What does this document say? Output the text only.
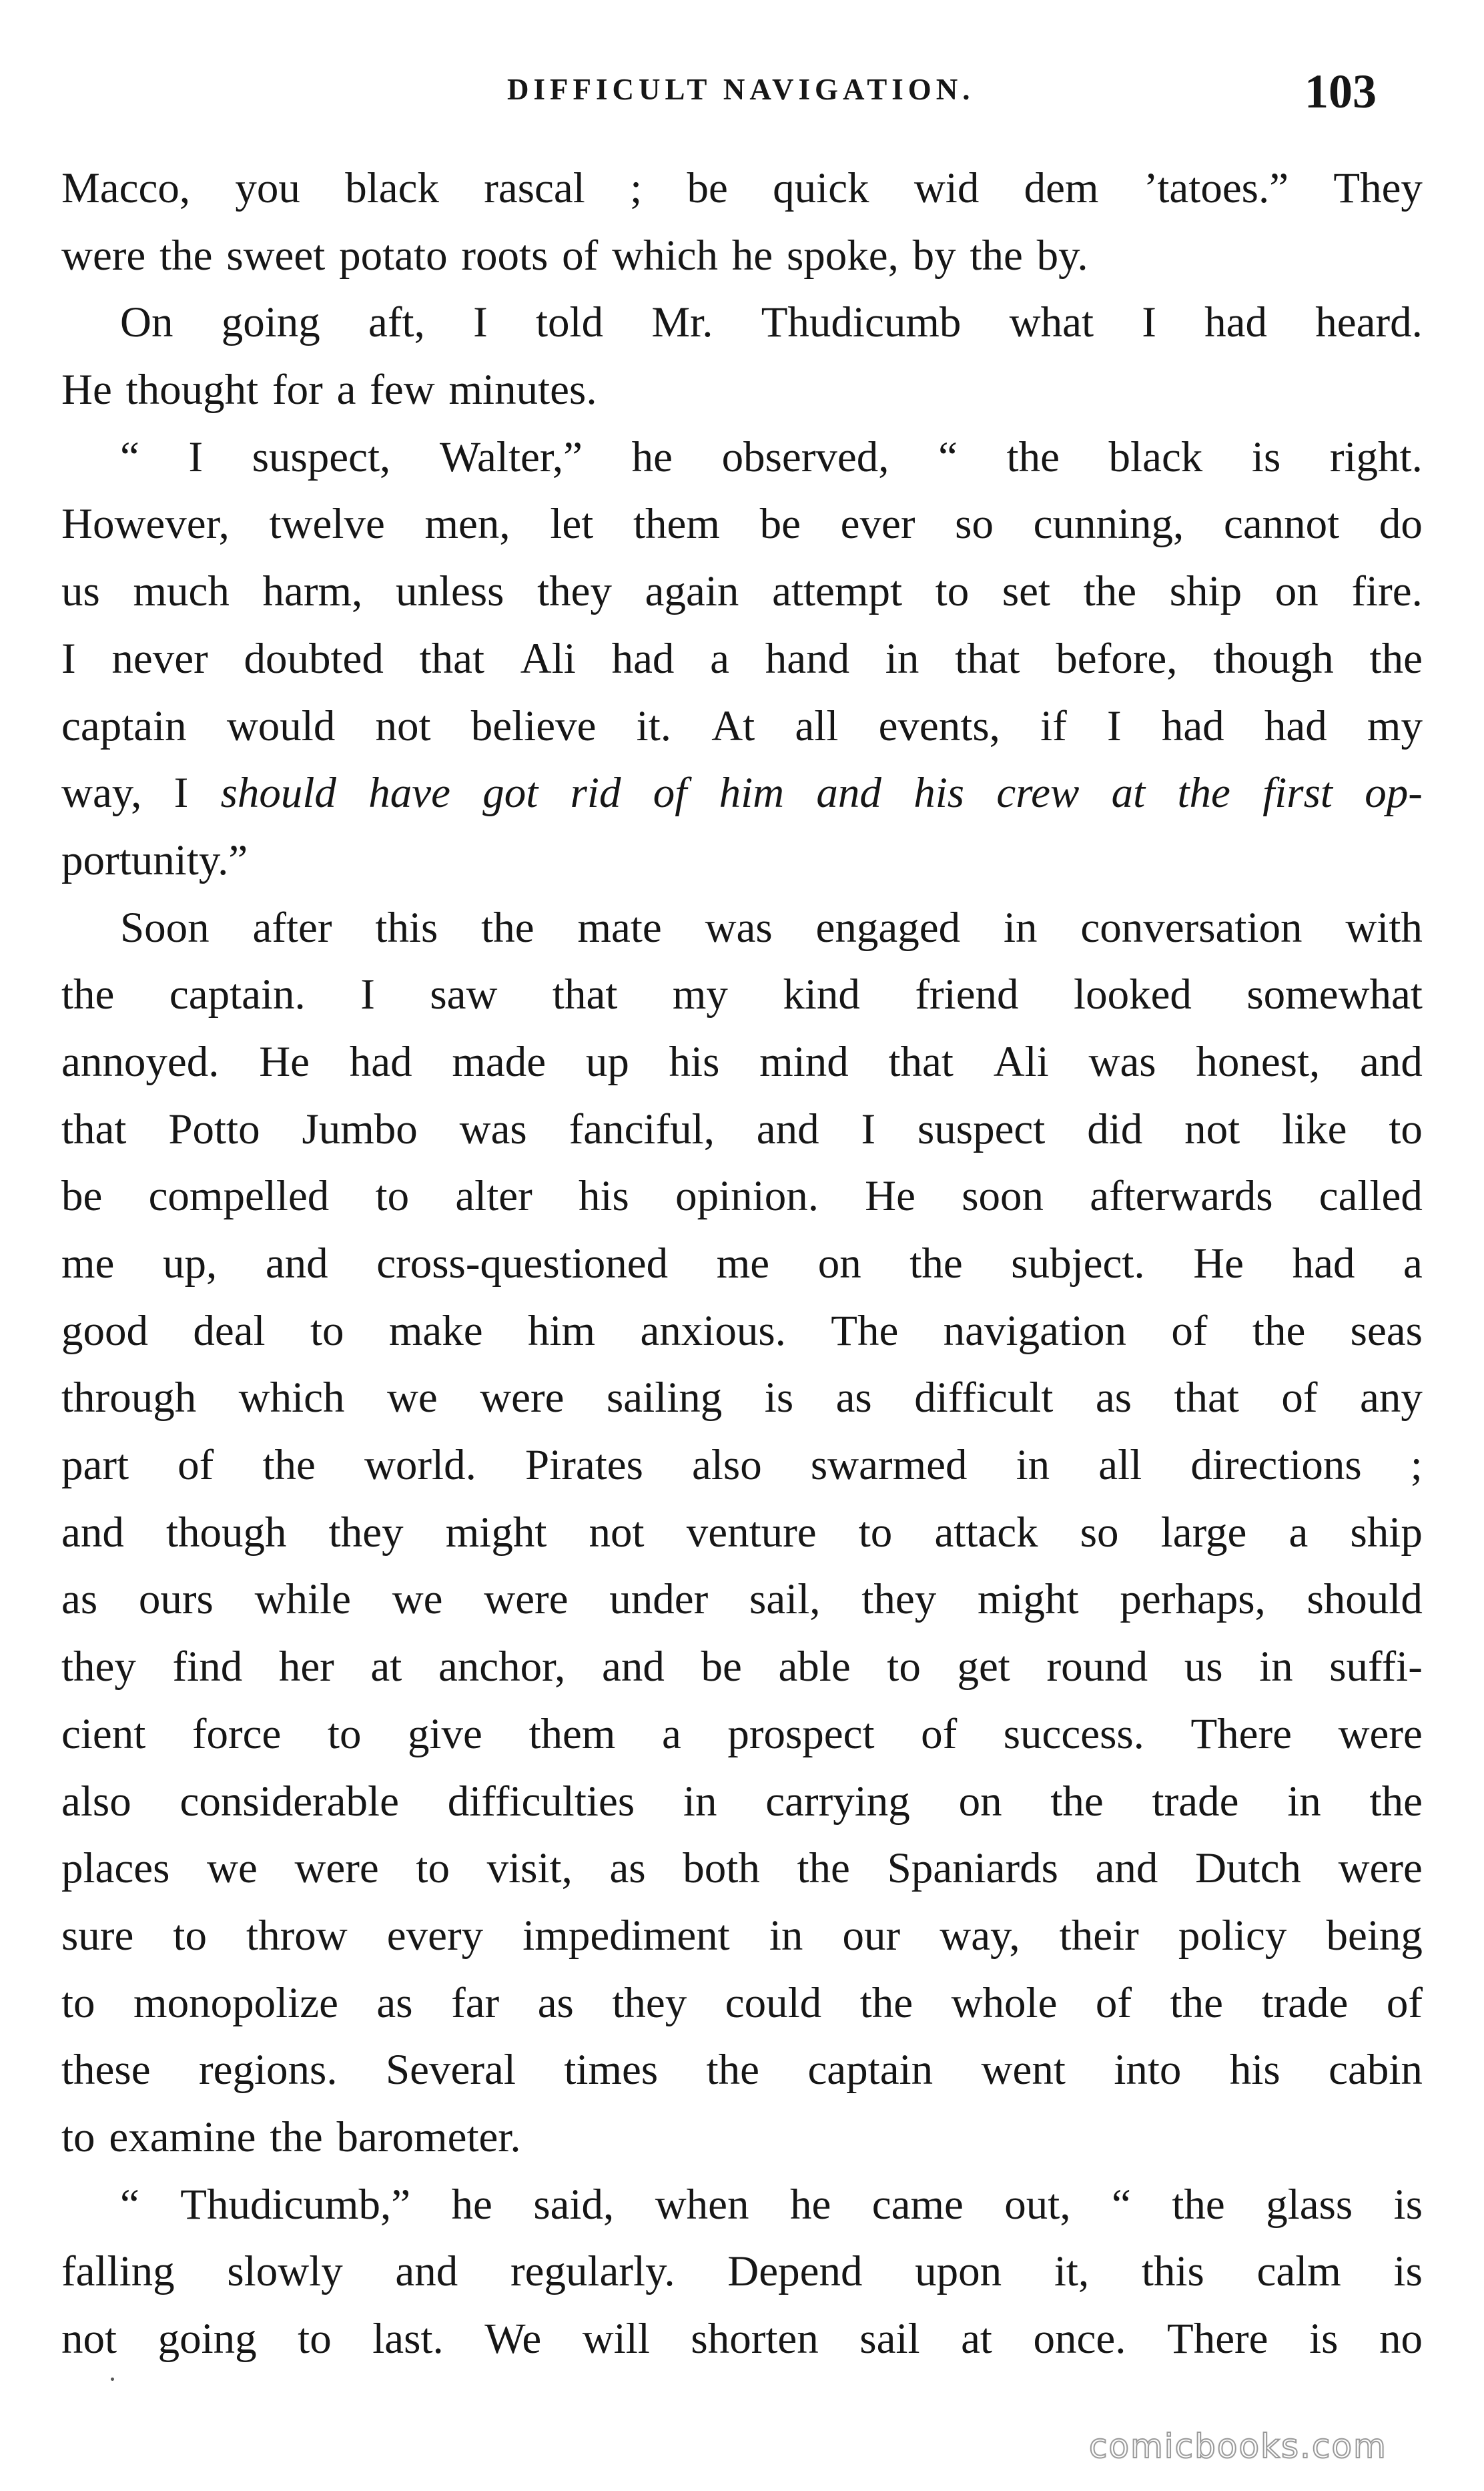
DIFFICULT NAVIGATION.	103
Macco, you black rascal ; be quick wid dem ’tatoes.” They
were the sweet potato roots of which he spoke, by the by.
On going aft, I told Mr. Thudicumb what I had heard.
He thought for a few minutes.
“ I suspect, Walter,” he observed, “ the black is right.
However, twelve men, let them be ever so cunning, cannot do
us much harm, unless they again attempt to set the ship on fire.
I never doubted that Ali had a hand in that before, though the
captain would not believe it. At all events, if I had had my
way, I should have got rid of him and his crew at the first op-
portunity.”
Soon after this the mate was engaged in conversation with
the captain. I saw that my kind friend looked somewhat
annoyed. He had made up his mind that Ali was honest, and
that Potto Jumbo was fanciful, and I suspect did not like to
be compelled to alter his opinion. He soon afterwards called
me up, and cross-questioned me on the subject. He had a
good deal to make him anxious. The navigation of the seas
through which we were sailing is as difficult as that of any
part of the world. Pirates also swarmed in all directions ;
and though they might not venture to attack so large a ship
as ours while we were under sail, they might perhaps, should
they find her at anchor, and be able to get round us in suffi-
cient force to give them a prospect of success. There were
also considerable difficulties in carrying on the trade in the
places we were to visit, as both the Spaniards and Dutch were
sure to throw every impediment in our way, their policy being
to monopolize as far as they could the whole of the trade of
these regions. Several times the captain went into his cabin
to examine the barometer.
“ Thudicumb,” he said, when he came out, “ the glass is
falling slowly and regularly. Depend upon it, this calm is
not going to last. We will shorten sail at once. There is no
comicbooks.com
